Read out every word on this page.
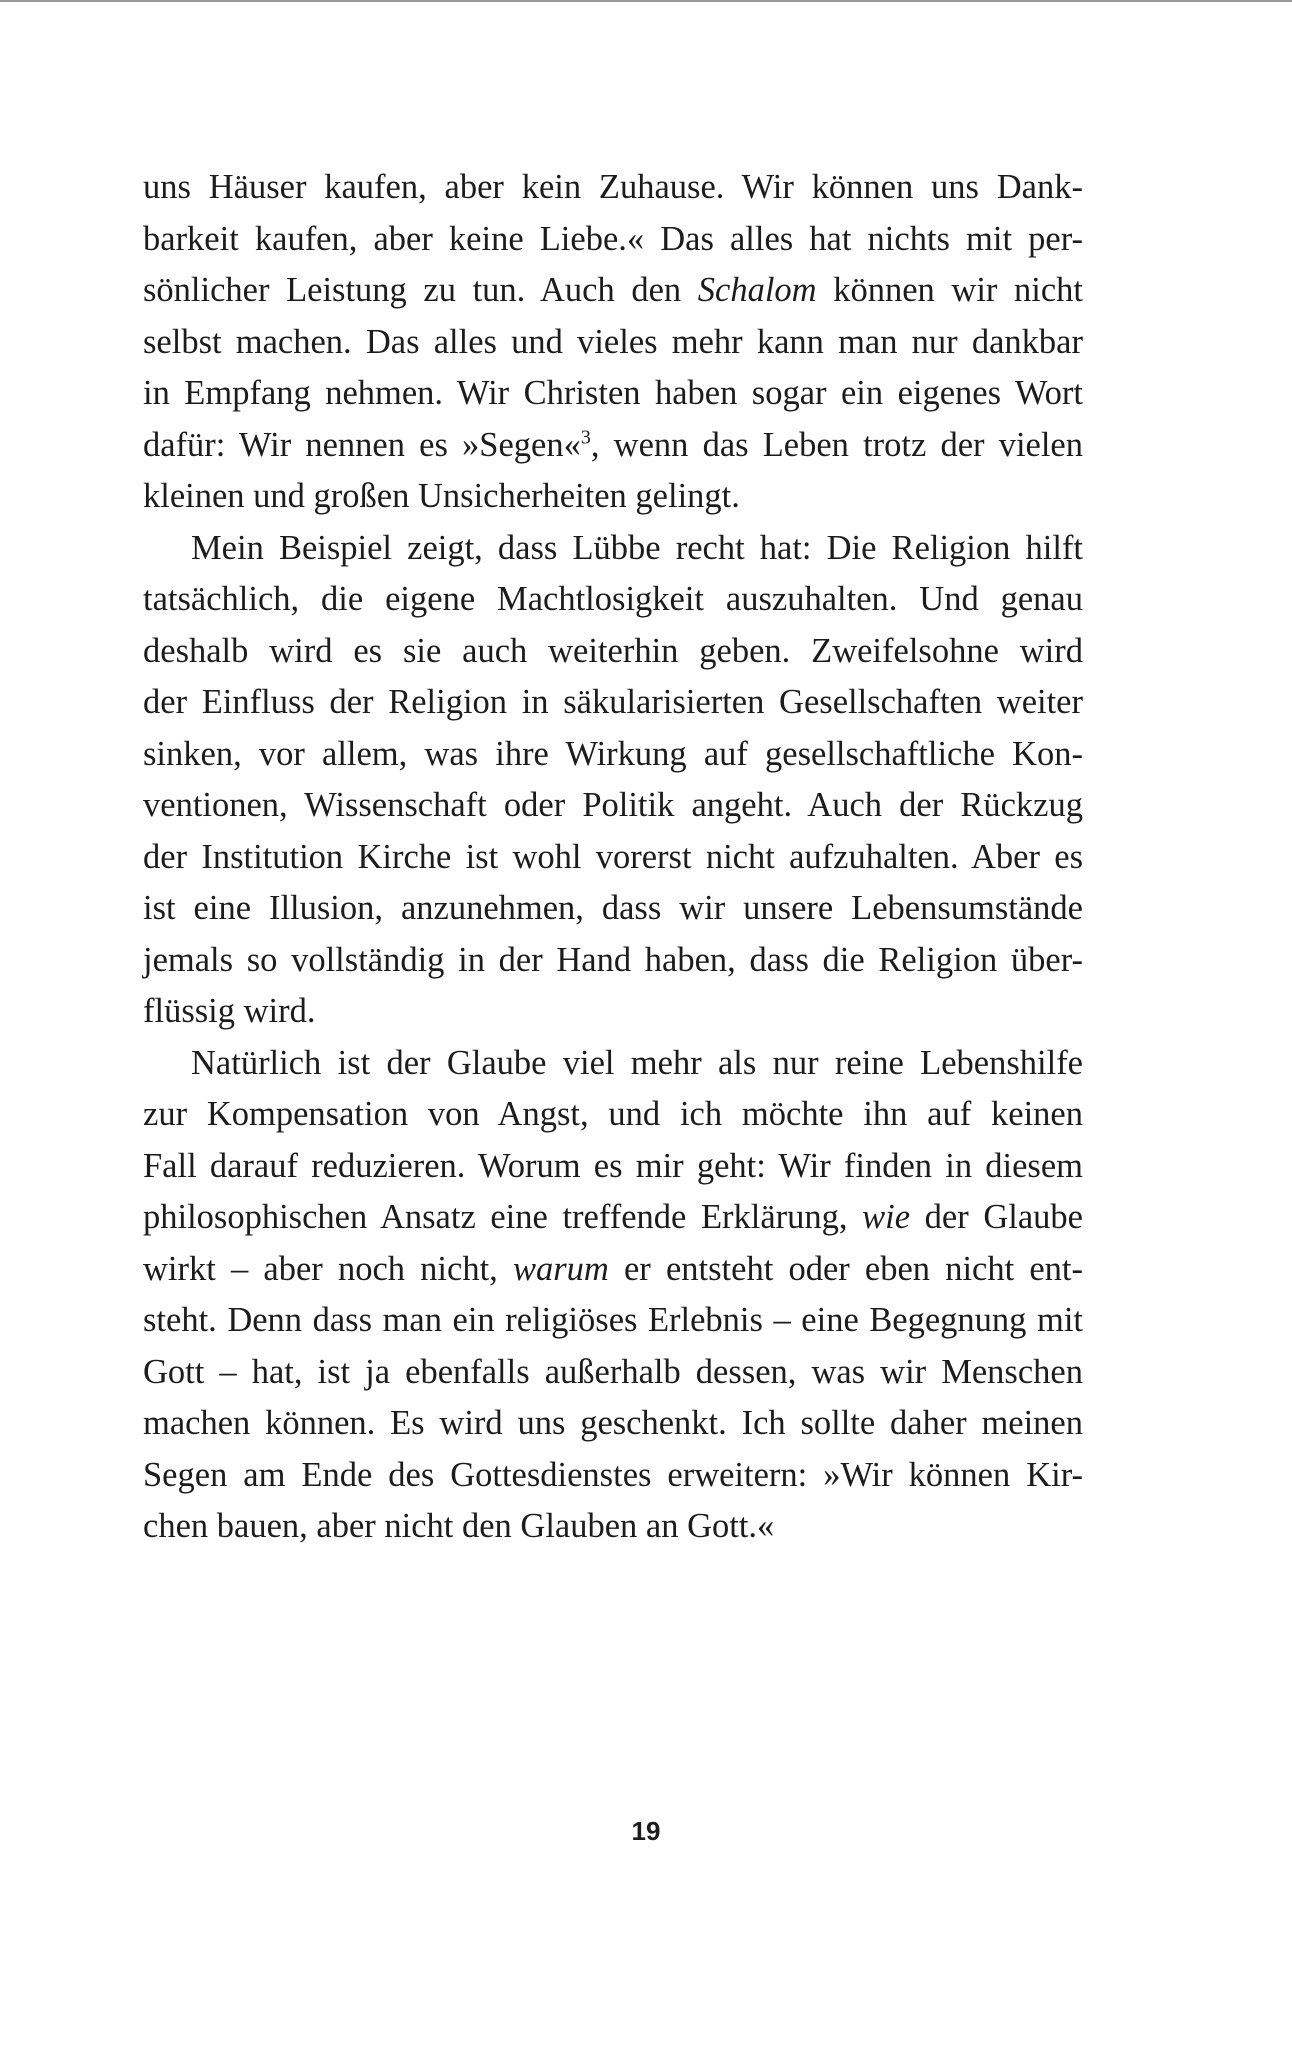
uns Häuser kaufen, aber kein Zuhause. Wir können uns Dank-
barkeit kaufen, aber keine Liebe.« Das alles hat nichts mit per-
sönlicher Leistung zu tun. Auch den Schalom können wir nicht
selbst machen. Das alles und vieles mehr kann man nur dankbar
in Empfang nehmen. Wir Christen haben sogar ein eigenes Wort
dafür: Wir nennen es »Segen«$^3$, wenn das Leben trotz der vielen
kleinen und großen Unsicherheiten gelingt.
Mein Beispiel zeigt, dass Lübbe recht hat: Die Religion hilft
tatsächlich, die eigene Machtlosigkeit auszuhalten. Und genau
deshalb wird es sie auch weiterhin geben. Zweifelsohne wird
der Einfluss der Religion in säkularisierten Gesellschaften weiter
sinken, vor allem, was ihre Wirkung auf gesellschaftliche Kon-
ventionen, Wissenschaft oder Politik angeht. Auch der Rückzug
der Institution Kirche ist wohl vorerst nicht aufzuhalten. Aber es
ist eine Illusion, anzunehmen, dass wir unsere Lebensumstände
jemals so vollständig in der Hand haben, dass die Religion über-
flüssig wird.
Natürlich ist der Glaube viel mehr als nur reine Lebenshilfe
zur Kompensation von Angst, und ich möchte ihn auf keinen
Fall darauf reduzieren. Worum es mir geht: Wir finden in diesem
philosophischen Ansatz eine treffende Erklärung, wie der Glaube
wirkt – aber noch nicht, warum er entsteht oder eben nicht ent-
steht. Denn dass man ein religiöses Erlebnis – eine Begegnung mit
Gott – hat, ist ja ebenfalls außerhalb dessen, was wir Menschen
machen können. Es wird uns geschenkt. Ich sollte daher meinen
Segen am Ende des Gottesdienstes erweitern: »Wir können Kir-
chen bauen, aber nicht den Glauben an Gott.«
19
